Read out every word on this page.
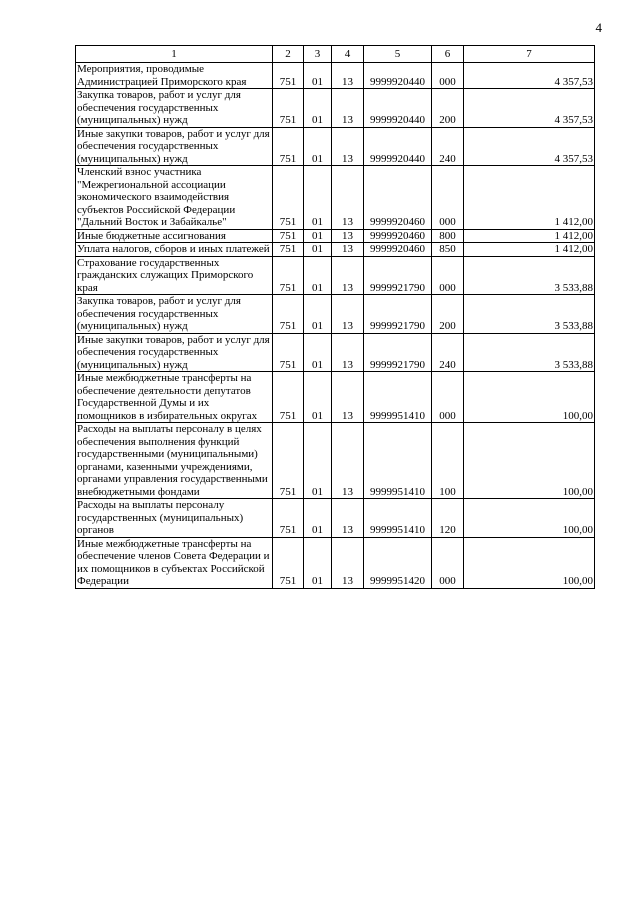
4
1	2	3	4	5	6	7
Мероприятия, проводимые Администрацией Приморского края	751	01	13	9999920440	000	4 357,53
Закупка товаров, работ и услуг для обеспечения государственных (муниципальных) нужд	751	01	13	9999920440	200	4 357,53
Иные закупки товаров, работ и услуг для обеспечения государственных (муниципальных) нужд	751	01	13	9999920440	240	4 357,53
Членский взнос участника "Межрегиональной ассоциации экономического взаимодействия субъектов Российской Федерации "Дальний Восток и Забайкалье"	751	01	13	9999920460	000	1 412,00
Иные бюджетные ассигнования	751	01	13	9999920460	800	1 412,00
Уплата налогов, сборов и иных платежей	751	01	13	9999920460	850	1 412,00
Страхование государственных гражданских служащих Приморского края	751	01	13	9999921790	000	3 533,88
Закупка товаров, работ и услуг для обеспечения государственных (муниципальных) нужд	751	01	13	9999921790	200	3 533,88
Иные закупки товаров, работ и услуг для обеспечения государственных (муниципальных) нужд	751	01	13	9999921790	240	3 533,88
Иные межбюджетные трансферты на обеспечение деятельности депутатов Государственной Думы и их помощников в избирательных округах	751	01	13	9999951410	000	100,00
Расходы на выплаты персоналу в целях обеспечения выполнения функций государственными (муниципальными) органами, казенными учреждениями, органами управления государственными внебюджетными фондами	751	01	13	9999951410	100	100,00
Расходы на выплаты персоналу государственных (муниципальных) органов	751	01	13	9999951410	120	100,00
Иные межбюджетные трансферты на обеспечение членов Совета Федерации и их помощников в субъектах Российской Федерации	751	01	13	9999951420	000	100,00
